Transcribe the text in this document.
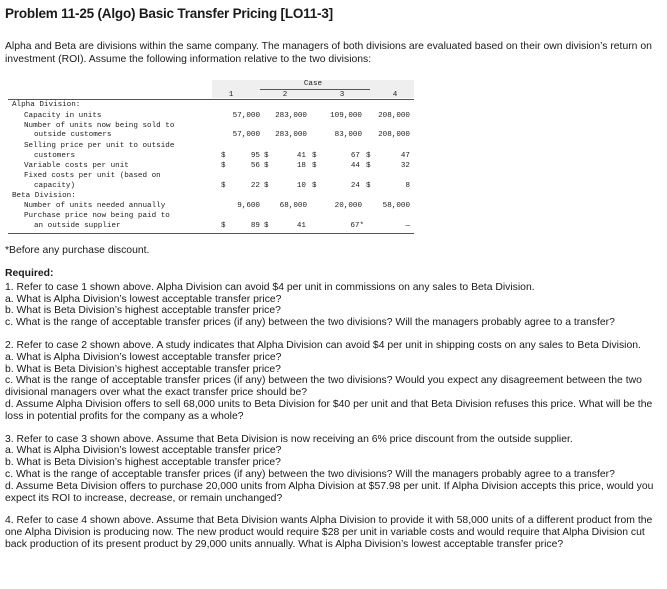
Problem 11-25 (Algo) Basic Transfer Pricing [LO11-3]
Alpha and Beta are divisions within the same company. The managers of both divisions are evaluated based on their own division’s return on investment (ROI). Assume the following information relative to the two divisions:
Case
1	2	3	4
Alpha Division:
Capacity in units	57,000	283,000	109,000	208,000
Number of units now being sold to
outside customers	57,000	283,000	83,000	208,000
Selling price per unit to outside
customers	$	95 $	41 $	67 $	47
Variable costs per unit	$	56 $	18 $	44 $	32
Fixed costs per unit (based on
capacity)	$	22 $	10 $	24 $	8
Beta Division:
Number of units needed annually	9,600	68,000	20,000	58,000
Purchase price now being paid to
an outside supplier	$	89 $	41	67*	—
*Before any purchase discount.
Required:

1. Refer to case 1 shown above. Alpha Division can avoid $4 per unit in commissions on any sales to Beta Division.

a. What is Alpha Division’s lowest acceptable transfer price?

b. What is Beta Division’s highest acceptable transfer price?

c. What is the range of acceptable transfer prices (if any) between the two divisions? Will the managers probably agree to a transfer?

2. Refer to case 2 shown above. A study indicates that Alpha Division can avoid $4 per unit in shipping costs on any sales to Beta Division.

a. What is Alpha Division’s lowest acceptable transfer price?

b. What is Beta Division’s highest acceptable transfer price?

c. What is the range of acceptable transfer prices (if any) between the two divisions? Would you expect any disagreement between the two divisional managers over what the exact transfer price should be?

d. Assume Alpha Division offers to sell 68,000 units to Beta Division for $40 per unit and that Beta Division refuses this price. What will be the loss in potential profits for the company as a whole?

3. Refer to case 3 shown above. Assume that Beta Division is now receiving an 6% price discount from the outside supplier.

a. What is Alpha Division’s lowest acceptable transfer price?

b. What is Beta Division’s highest acceptable transfer price?

c. What is the range of acceptable transfer prices (if any) between the two divisions? Will the managers probably agree to a transfer?

d. Assume Beta Division offers to purchase 20,000 units from Alpha Division at $57.98 per unit. If Alpha Division accepts this price, would you expect its ROI to increase, decrease, or remain unchanged?

4. Refer to case 4 shown above. Assume that Beta Division wants Alpha Division to provide it with 58,000 units of a different product from the one Alpha Division is producing now. The new product would require $28 per unit in variable costs and would require that Alpha Division cut back production of its present product by 29,000 units annually. What is Alpha Division’s lowest acceptable transfer price?
